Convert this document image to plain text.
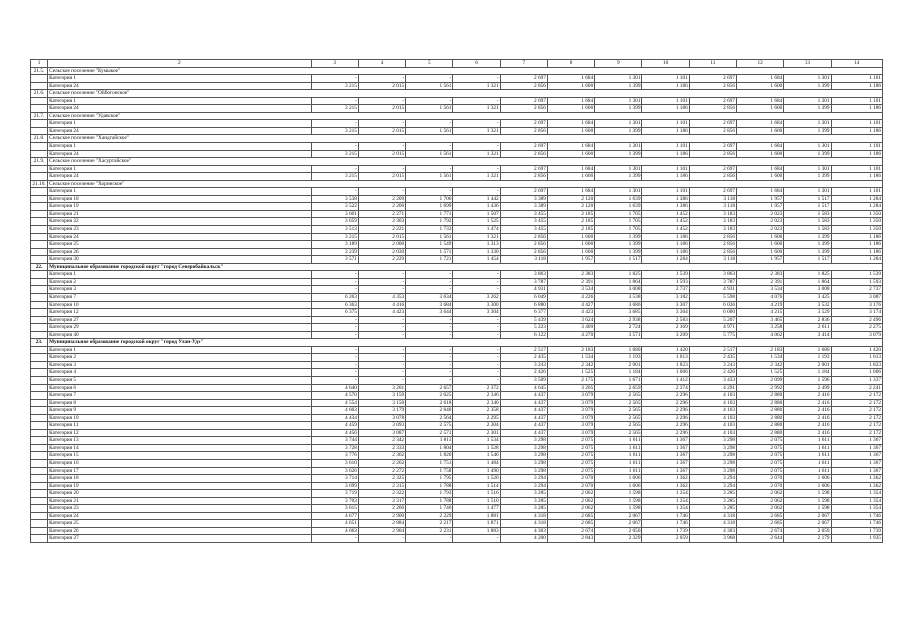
1	2	3	4	5	6	7	8	9	10	11	12	13	14
21.5.	Сельское поселение "Кумыкое"												
	Категория 1	-	-	-	-	2 697	1 684	1 301	1 101	2 697	1 684	1 301	1 101
	Категория 24	3 215	2 015	1 561	1 321	2 856	1 600	1 399	1 186	2 856	1 600	1 399	1 186
21.6.	Сельское поселение "Ойбогонское"												
	Категория 1	-	-	-	-	2 697	1 684	1 301	1 101	2 697	1 684	1 301	1 101
	Категория 24	3 215	2 015	1 561	1 321	2 856	1 600	1 399	1 186	2 856	1 600	1 399	1 186
21.7.	Сельское поселение "Удавское"												
	Категория 1	-	-	-	-	2 697	1 684	1 301	1 101	2 697	1 684	1 301	1 101
	Категория 24	3 215	2 015	1 561	1 321	2 856	1 600	1 399	1 186	2 856	1 600	1 399	1 186
21.8.	Сельское поселение "Хандгайское"												
	Категория 1	-	-	-	-	2 697	1 684	1 301	1 101	2 697	1 684	1 301	1 101
	Категория 24	3 215	2 015	1 561	1 321	2 856	1 600	1 399	1 186	2 856	1 600	1 399	1 186
21.9.	Сельское поселение "Хасуртайское"												
	Категория 1	-	-	-	-	2 697	1 684	1 301	1 101	2 697	1 684	1 301	1 101
	Категория 24	3 215	2 015	1 561	1 321	2 856	1 600	1 399	1 186	2 856	1 600	1 399	1 186
21.10.	Сельское поселение "Хоринское"												
	Категория 1	-	-	-	-	2 697	1 684	1 301	1 101	2 697	1 684	1 301	1 101
	Категория 18	3 538	2 209	1 706	1 442	3 389	2 120	1 639	1 386	3 118	1 957	1 517	1 284
	Категория 19	3 522	2 200	1 699	1 436	3 389	2 120	1 639	1 386	3 118	1 957	1 517	1 284
	Категория 21	3 601	2 271	1 771	1 507	3 455	2 185	1 705	1 452	3 183	2 023	1 583	1 350
	Категория 22	3 659	2 303	1 792	1 525	3 455	2 185	1 705	1 452	3 183	2 023	1 583	1 350
	Категория 23	3 513	2 221	1 733	1 474	3 455	2 185	1 705	1 452	3 183	2 023	1 583	1 350
	Категория 24	3 215	2 015	1 561	1 321	2 856	1 600	1 399	1 186	2 856	1 600	1 399	1 186
	Категория 25	3 189	2 000	1 549	1 313	2 856	1 600	1 399	1 186	2 856	1 600	1 399	1 186
	Категория 26	3 239	2 030	1 571	1 330	2 856	1 600	1 399	1 186	2 856	1 600	1 399	1 186
	Категория 30	3 571	2 229	1 721	1 454	3 118	1 957	1 517	1 284	3 118	1 957	1 517	1 284
22.	Муниципальное образование городской округ "город Северобайкальск"												
	Категория 1	-	-	-	-	3 863	2 383	1 825	1 539	3 863	2 383	1 825	1 539
	Категория 2	-	-	-	-	3 787	2 391	1 864	1 593	3 787	2 391	1 864	1 593
	Категория 3	-	-	-	-	4 931	3 534	3 008	2 737	4 931	3 534	3 008	2 737
	Категория 7	6 263	4 353	3 634	3 262	6 049	4 226	3 538	3 182	5 598	4 076	3 425	3 087
	Категория 10	6 363	4 416	3 684	3 300	6 880	4 427	3 686	3 307	6 036	4 219	3 532	3 176
	Категория 12	6 375	4 423	3 644	3 304	6 377	4 423	3 685	3 304	6 000	4 215	3 529	3 174
	Категория 27	-	-	-	-	5 439	3 624	2 938	2 583	5 207	3 465	2 836	2 496
	Категория 29	-	-	-	-	5 223	3 409	2 724	2 369	4 971	3 258	2 611	2 275
	Категория 40	-	-	-	-	6 122	4 270	3 571	3 209	5 775	4 062	3 414	3 079
23.	Муниципальное образование городской округ "город Улан-Удэ"												
	Категория 1	-	-	-	-	2 517	2 183	1 680	1 420	2 517	2 183	1 680	1 420
	Категория 2	-	-	-	-	2 435	1 534	1 193	1 013	2 435	1 534	1 193	1 013
	Категория 3	-	-	-	-	3 243	2 342	2 001	1 823	3 243	2 342	2 001	1 823
	Категория 4	-	-	-	-	2 426	1 525	1 184	1 006	2 426	1 525	1 184	1 006
	Категория 5	-	-	-	-	3 509	2 175	1 671	1 412	3 433	2 099	1 596	1 337
	Категория 6	4 640	3 201	2 657	2 372	4 645	3 205	2 659	2 374	4 291	2 992	2 499	2 241
	Категория 7	4 570	3 159	2 625	2 346	4 437	3 079	2 565	2 296	4 103	2 880	2 416	2 172
	Категория 8	4 554	3 150	2 618	2 340	4 437	3 079	2 565	2 296	4 103	2 880	2 416	2 172
	Категория 9	4 603	3 179	2 640	2 358	4 437	3 079	2 565	2 296	4 103	2 880	2 416	2 172
	Категория 10	4 434	3 078	2 564	2 295	4 437	3 079	2 565	2 296	4 103	2 880	2 416	2 172
	Категория 11	4 459	3 093	2 575	2 304	4 437	3 079	2 565	2 296	4 103	2 880	2 416	2 172
	Категория 12	4 456	3 087	2 571	2 301	4 437	3 079	2 565	2 296	4 103	2 880	2 416	2 172
	Категория 13	3 744	2 342	1 811	1 534	3 298	2 075	1 611	1 367	3 298	2 075	1 611	1 367
	Категория 14	3 728	2 333	1 804	1 528	3 298	2 075	1 611	1 367	3 298	2 075	1 611	1 367
	Категория 15	3 776	2 362	1 826	1 546	3 298	2 075	1 611	1 367	3 298	2 075	1 611	1 367
	Категория 16	3 610	2 262	1 751	1 484	3 298	2 075	1 611	1 367	3 298	2 075	1 611	1 367
	Категория 17	3 626	2 272	1 758	1 490	3 298	2 075	1 611	1 367	3 298	2 075	1 611	1 367
	Категория 18	3 714	2 325	1 795	1 520	3 294	2 070	1 606	1 362	3 294	2 070	1 606	1 362
	Категория 19	3 699	2 315	1 788	1 514	3 294	2 070	1 606	1 362	3 294	2 070	1 606	1 362
	Категория 20	3 719	2 322	1 793	1 516	3 285	2 062	1 598	1 354	3 285	2 062	1 598	1 354
	Категория 21	3 703	2 317	1 788	1 510	3 285	2 062	1 598	1 354	3 285	2 062	1 598	1 354
	Категория 23	3 615	2 260	1 746	1 477	3 285	2 062	1 598	1 354	3 285	2 062	1 598	1 354
	Категория 24	4 677	2 900	2 229	1 881	4 318	2 685	2 067	1 746	4 318	2 685	2 067	1 746
	Категория 25	4 651	2 884	2 217	1 871	4 318	2 685	2 067	1 746	4 318	2 685	2 067	1 746
	Категория 26	4 663	2 904	2 231	1 883	4 303	2 674	2 050	1 739	4 303	2 674	2 059	1 739
	Категория 27	-	-	-	-	4 200	2 843	2 329	2 059	3 968	2 644	2 179	1 935
